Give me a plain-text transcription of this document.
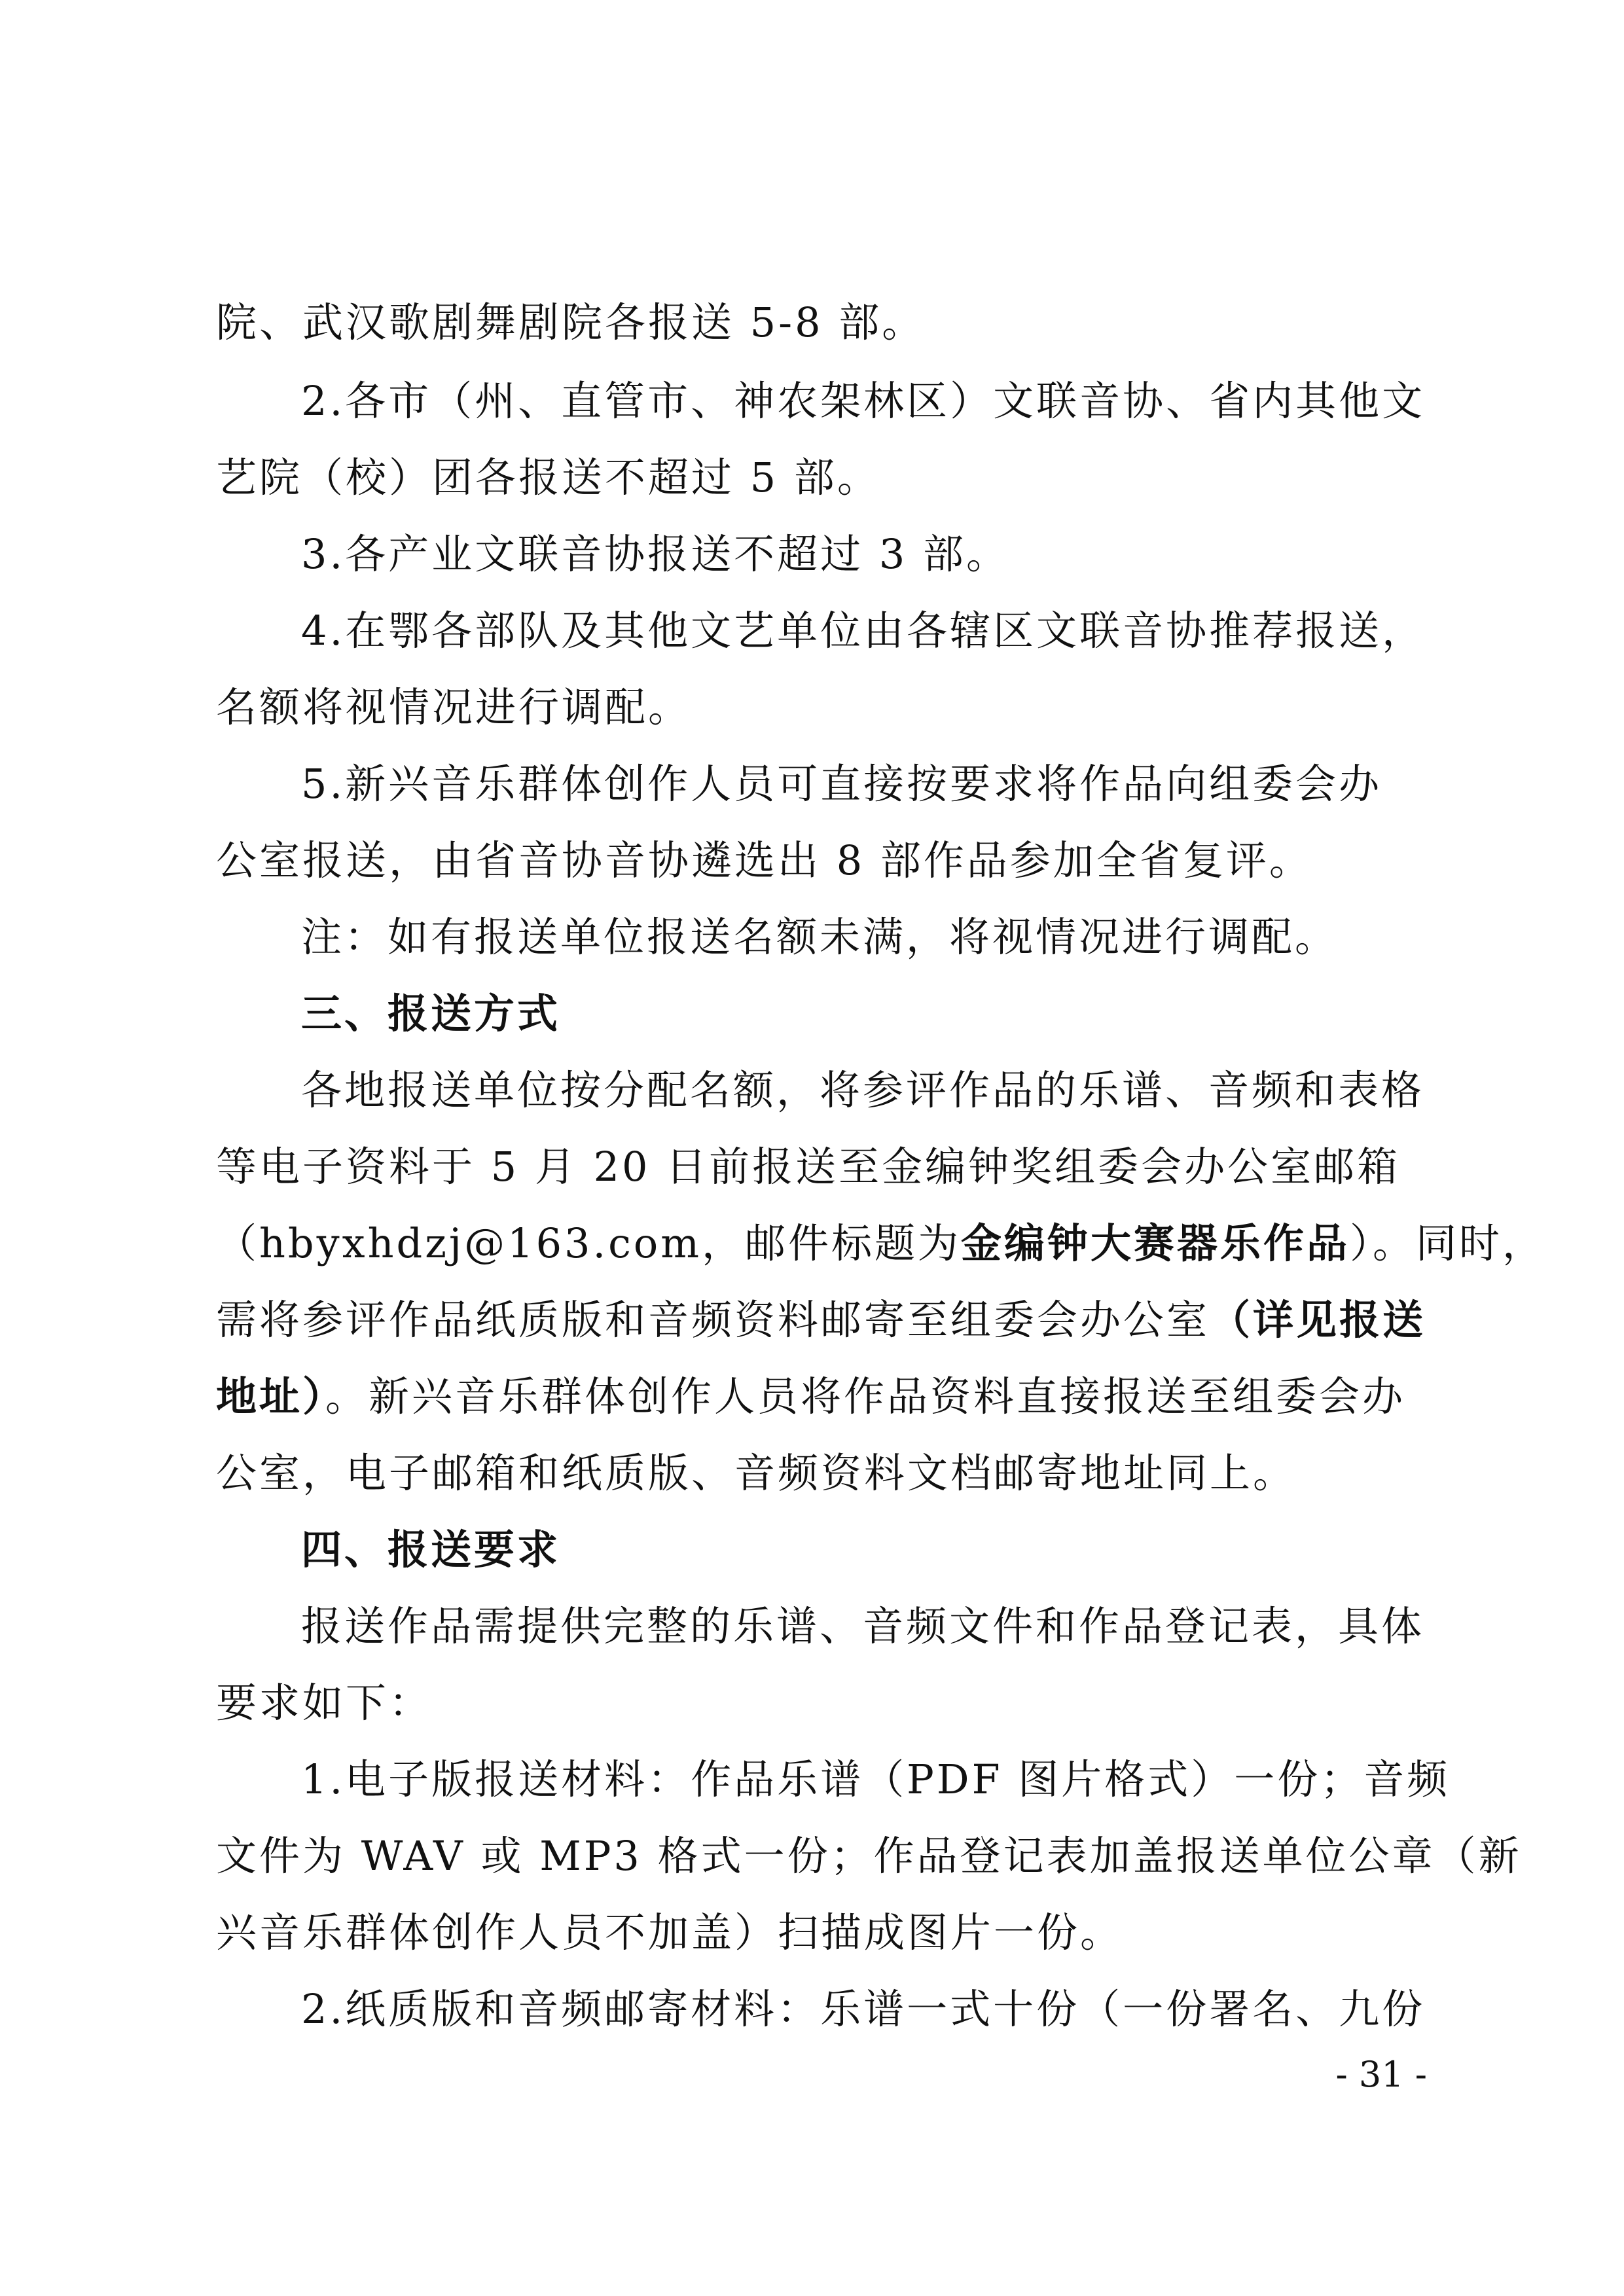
院、武汉歌剧舞剧院各报送 5-8 部。
2.各市（州、直管市、神农架林区）文联音协、省内其他文
艺院（校）团各报送不超过 5 部。
3.各产业文联音协报送不超过 3 部。
4.在鄂各部队及其他文艺单位由各辖区文联音协推荐报送，
名额将视情况进行调配。
5.新兴音乐群体创作人员可直接按要求将作品向组委会办
公室报送，由省音协音协遴选出 8 部作品参加全省复评。
注：如有报送单位报送名额未满，将视情况进行调配。
三、报送方式
各地报送单位按分配名额，将参评作品的乐谱、音频和表格
等电子资料于 5 月 20 日前报送至金编钟奖组委会办公室邮箱
（hbyxhdzj@163.com，邮件标题为金编钟大赛器乐作品）。同时，
需将参评作品纸质版和音频资料邮寄至组委会办公室（详见报送
地址）。新兴音乐群体创作人员将作品资料直接报送至组委会办
公室，电子邮箱和纸质版、音频资料文档邮寄地址同上。
四、报送要求
报送作品需提供完整的乐谱、音频文件和作品登记表，具体
要求如下：
1.电子版报送材料：作品乐谱（PDF 图片格式）一份；音频
文件为 WAV 或 MP3 格式一份；作品登记表加盖报送单位公章（新
兴音乐群体创作人员不加盖）扫描成图片一份。
2.纸质版和音频邮寄材料：乐谱一式十份（一份署名、九份
- 31 -
